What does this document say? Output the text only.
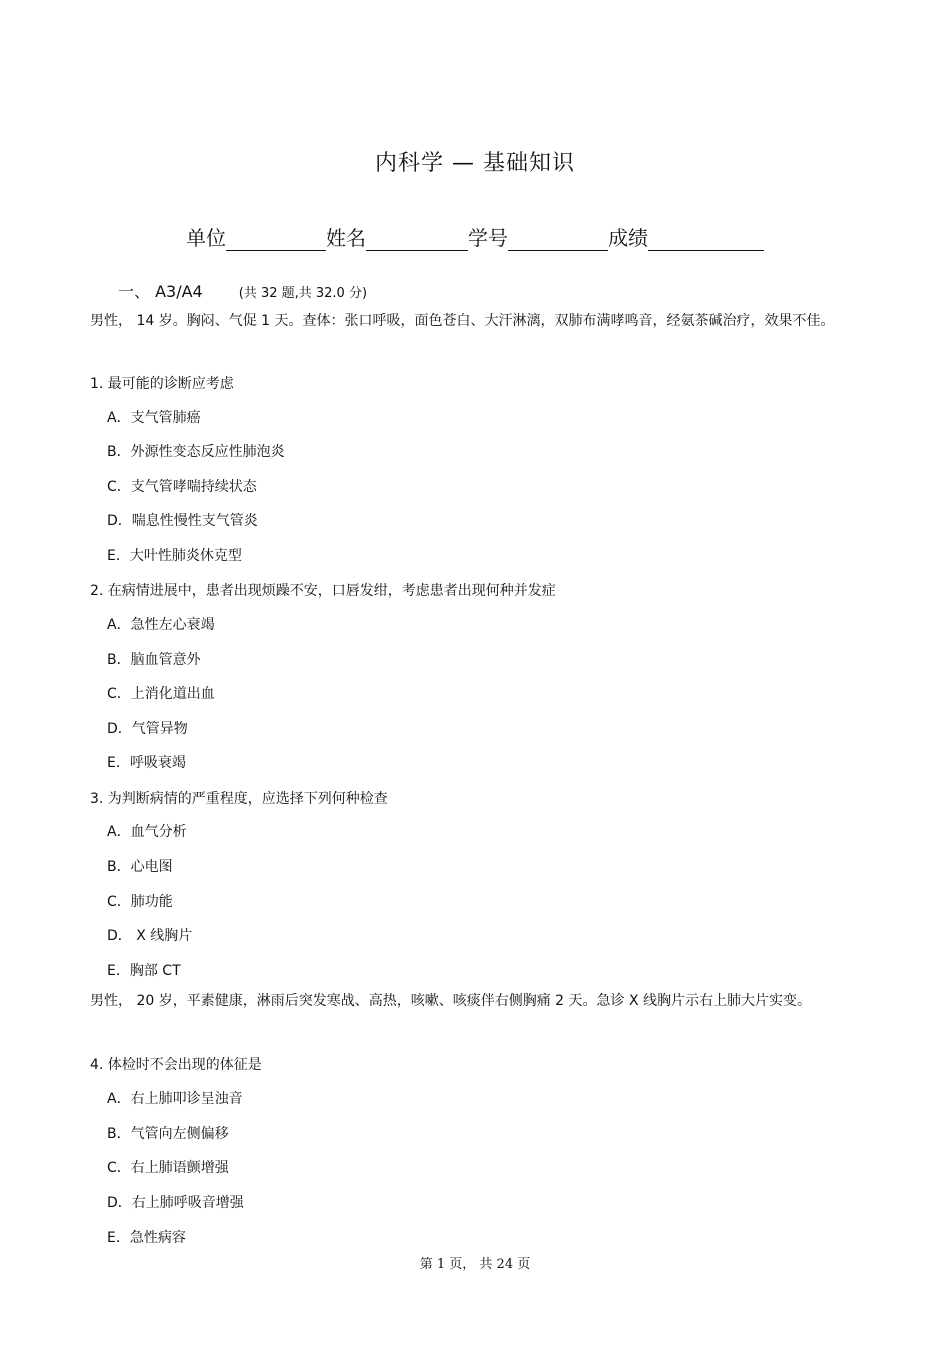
内科学 — 基础知识
单位	姓名	学号	成绩
一、 A3/A4	(共 32 题,共 32.0 分)
男性， 14 岁。胸闷、气促 1 天。查体：张口呼吸，面色苍白、大汗淋漓，双肺布满哮鸣音，经氨茶碱治疗，效果不佳。
1. 最可能的诊断应考虑
A．支气管肺癌
B．外源性变态反应性肺泡炎
C．支气管哮喘持续状态
D．喘息性慢性支气管炎
E．大叶性肺炎休克型
2. 在病情进展中，患者出现烦躁不安，口唇发绀，考虑患者出现何种并发症
A．急性左心衰竭
B．脑血管意外
C．上消化道出血
D．气管异物
E．呼吸衰竭
3. 为判断病情的严重程度，应选择下列何种检查
A．血气分析
B．心电图
C．肺功能
D． X 线胸片
E．胸部 CT
男性， 20 岁，平素健康，淋雨后突发寒战、高热，咳嗽、咳痰伴右侧胸痛 2 天。急诊 X 线胸片示右上肺大片实变。
4. 体检时不会出现的体征是
A．右上肺叩诊呈浊音
B．气管向左侧偏移
C．右上肺语颤增强
D．右上肺呼吸音增强
E．急性病容
第 1 页， 共 24 页
